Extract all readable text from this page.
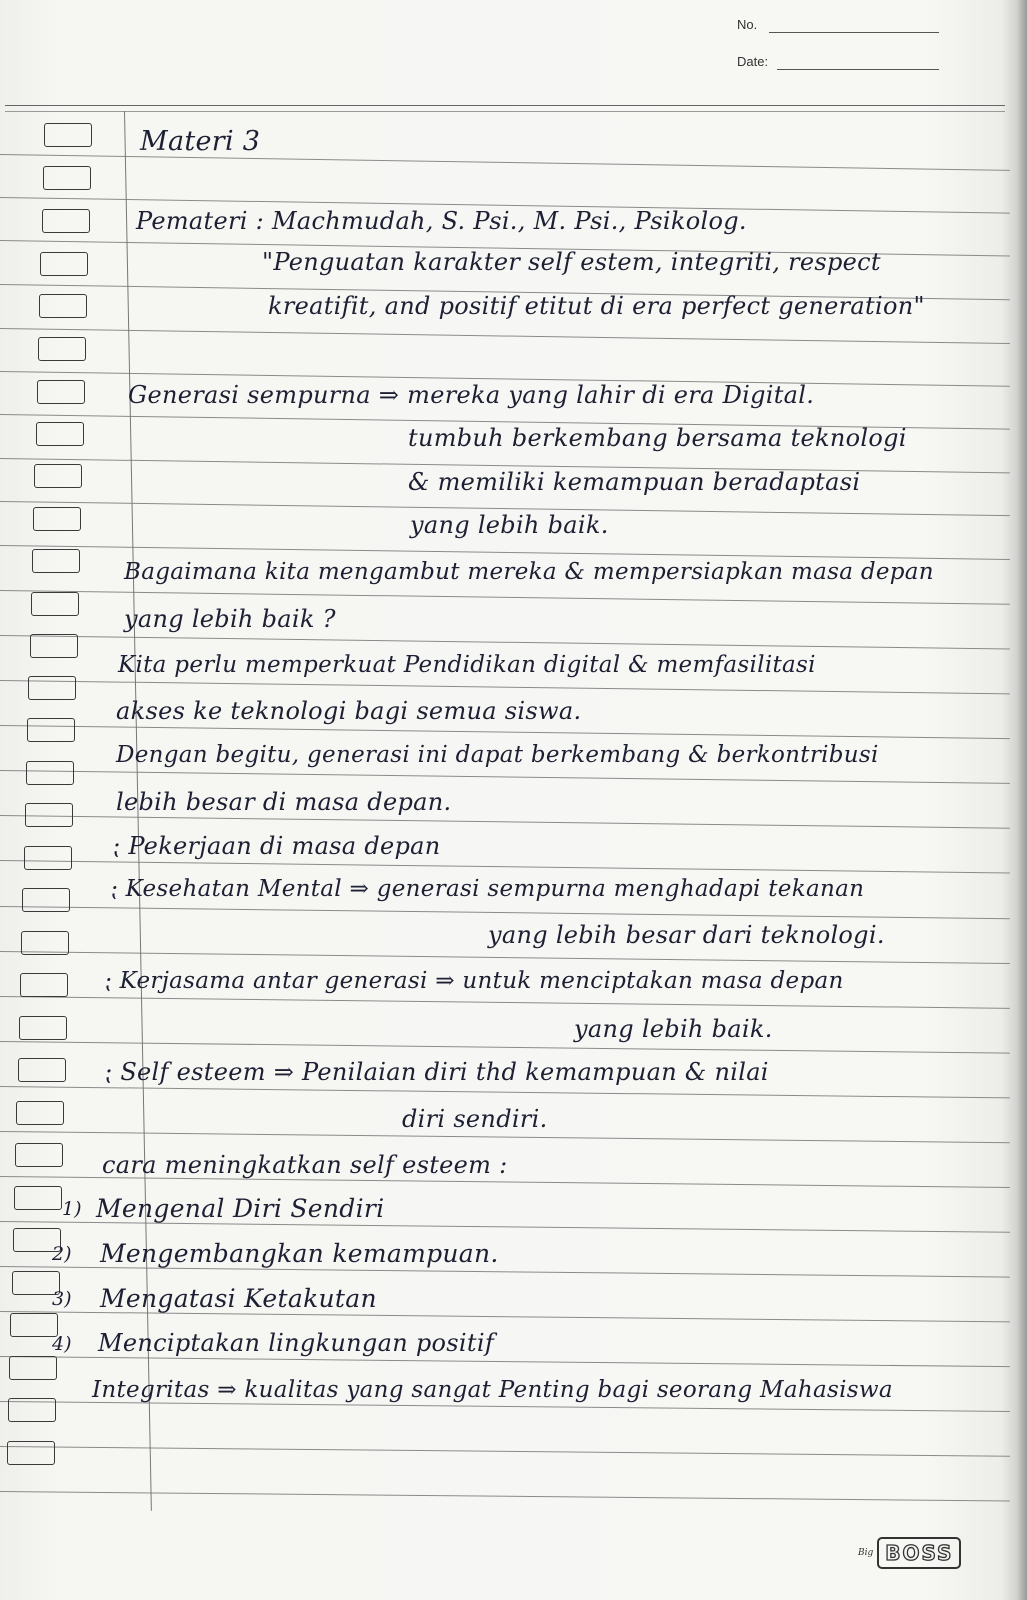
No.
Date:
Materi 3
Pemateri : Machmudah, S. Psi., M. Psi., Psikolog.
"Penguatan karakter self estem, integriti, respect
kreatifit, and positif etitut di era perfect generation"
Generasi sempurna ⇒ mereka yang lahir di era Digital.
tumbuh berkembang bersama teknologi
& memiliki kemampuan beradaptasi
yang lebih baik.
Bagaimana kita mengambut mereka & mempersiapkan masa depan
yang lebih baik ?
Kita perlu memperkuat Pendidikan digital & memfasilitasi
akses ke teknologi bagi semua siswa.
Dengan begitu, generasi ini dapat berkembang & berkontribusi
lebih besar di masa depan.
⁏ Pekerjaan di masa depan
⁏ Kesehatan Mental ⇒ generasi sempurna menghadapi tekanan
yang lebih besar dari teknologi.
⁏ Kerjasama antar generasi ⇒ untuk menciptakan masa depan
yang lebih baik.
⁏ Self esteem ⇒ Penilaian diri thd kemampuan & nilai
diri sendiri.
cara meningkatkan self esteem :
1) Mengenal Diri Sendiri
2) Mengembangkan kemampuan.
3) Mengatasi Ketakutan
4) Menciptakan lingkungan positif
Integritas ⇒ kualitas yang sangat Penting bagi seorang Mahasiswa
Big BOSS
